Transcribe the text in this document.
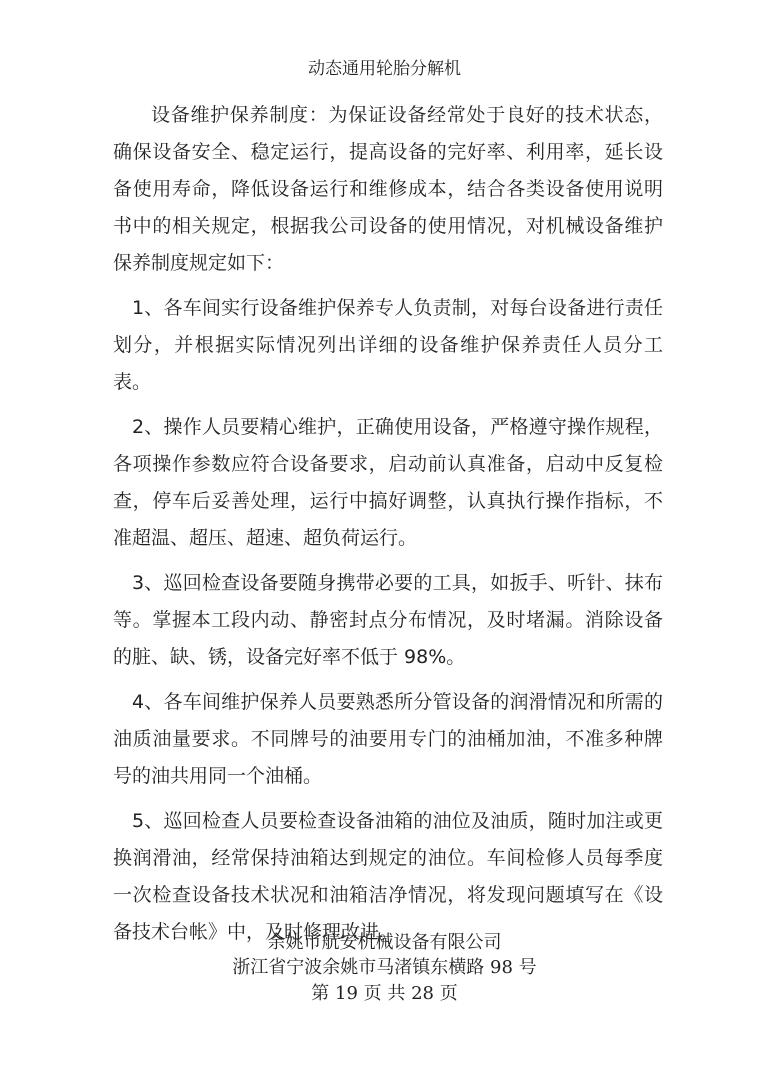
动态通用轮胎分解机

设备维护保养制度：为保证设备经常处于良好的技术状态，确保设备安全、稳定运行，提高设备的完好率、利用率，延长设备使用寿命，降低设备运行和维修成本，结合各类设备使用说明书中的相关规定，根据我公司设备的使用情况，对机械设备维护保养制度规定如下：

1、各车间实行设备维护保养专人负责制，对每台设备进行责任划分，并根据实际情况列出详细的设备维护保养责任人员分工表。

2、操作人员要精心维护，正确使用设备，严格遵守操作规程，各项操作参数应符合设备要求，启动前认真准备，启动中反复检查，停车后妥善处理，运行中搞好调整，认真执行操作指标，不准超温、超压、超速、超负荷运行。

3、巡回检查设备要随身携带必要的工具，如扳手、听针、抹布等。掌握本工段内动、静密封点分布情况，及时堵漏。消除设备的脏、缺、锈，设备完好率不低于 98%。

4、各车间维护保养人员要熟悉所分管设备的润滑情况和所需的油质油量要求。不同牌号的油要用专门的油桶加油，不准多种牌号的油共用同一个油桶。

5、巡回检查人员要检查设备油箱的油位及油质，随时加注或更换润滑油，经常保持油箱达到规定的油位。车间检修人员每季度一次检查设备技术状况和油箱洁净情况，将发现问题填写在《设备技术台帐》中，及时修理改进。

余姚市航安机械设备有限公司
浙江省宁波余姚市马渚镇东横路 98 号
第 19 页 共 28 页
